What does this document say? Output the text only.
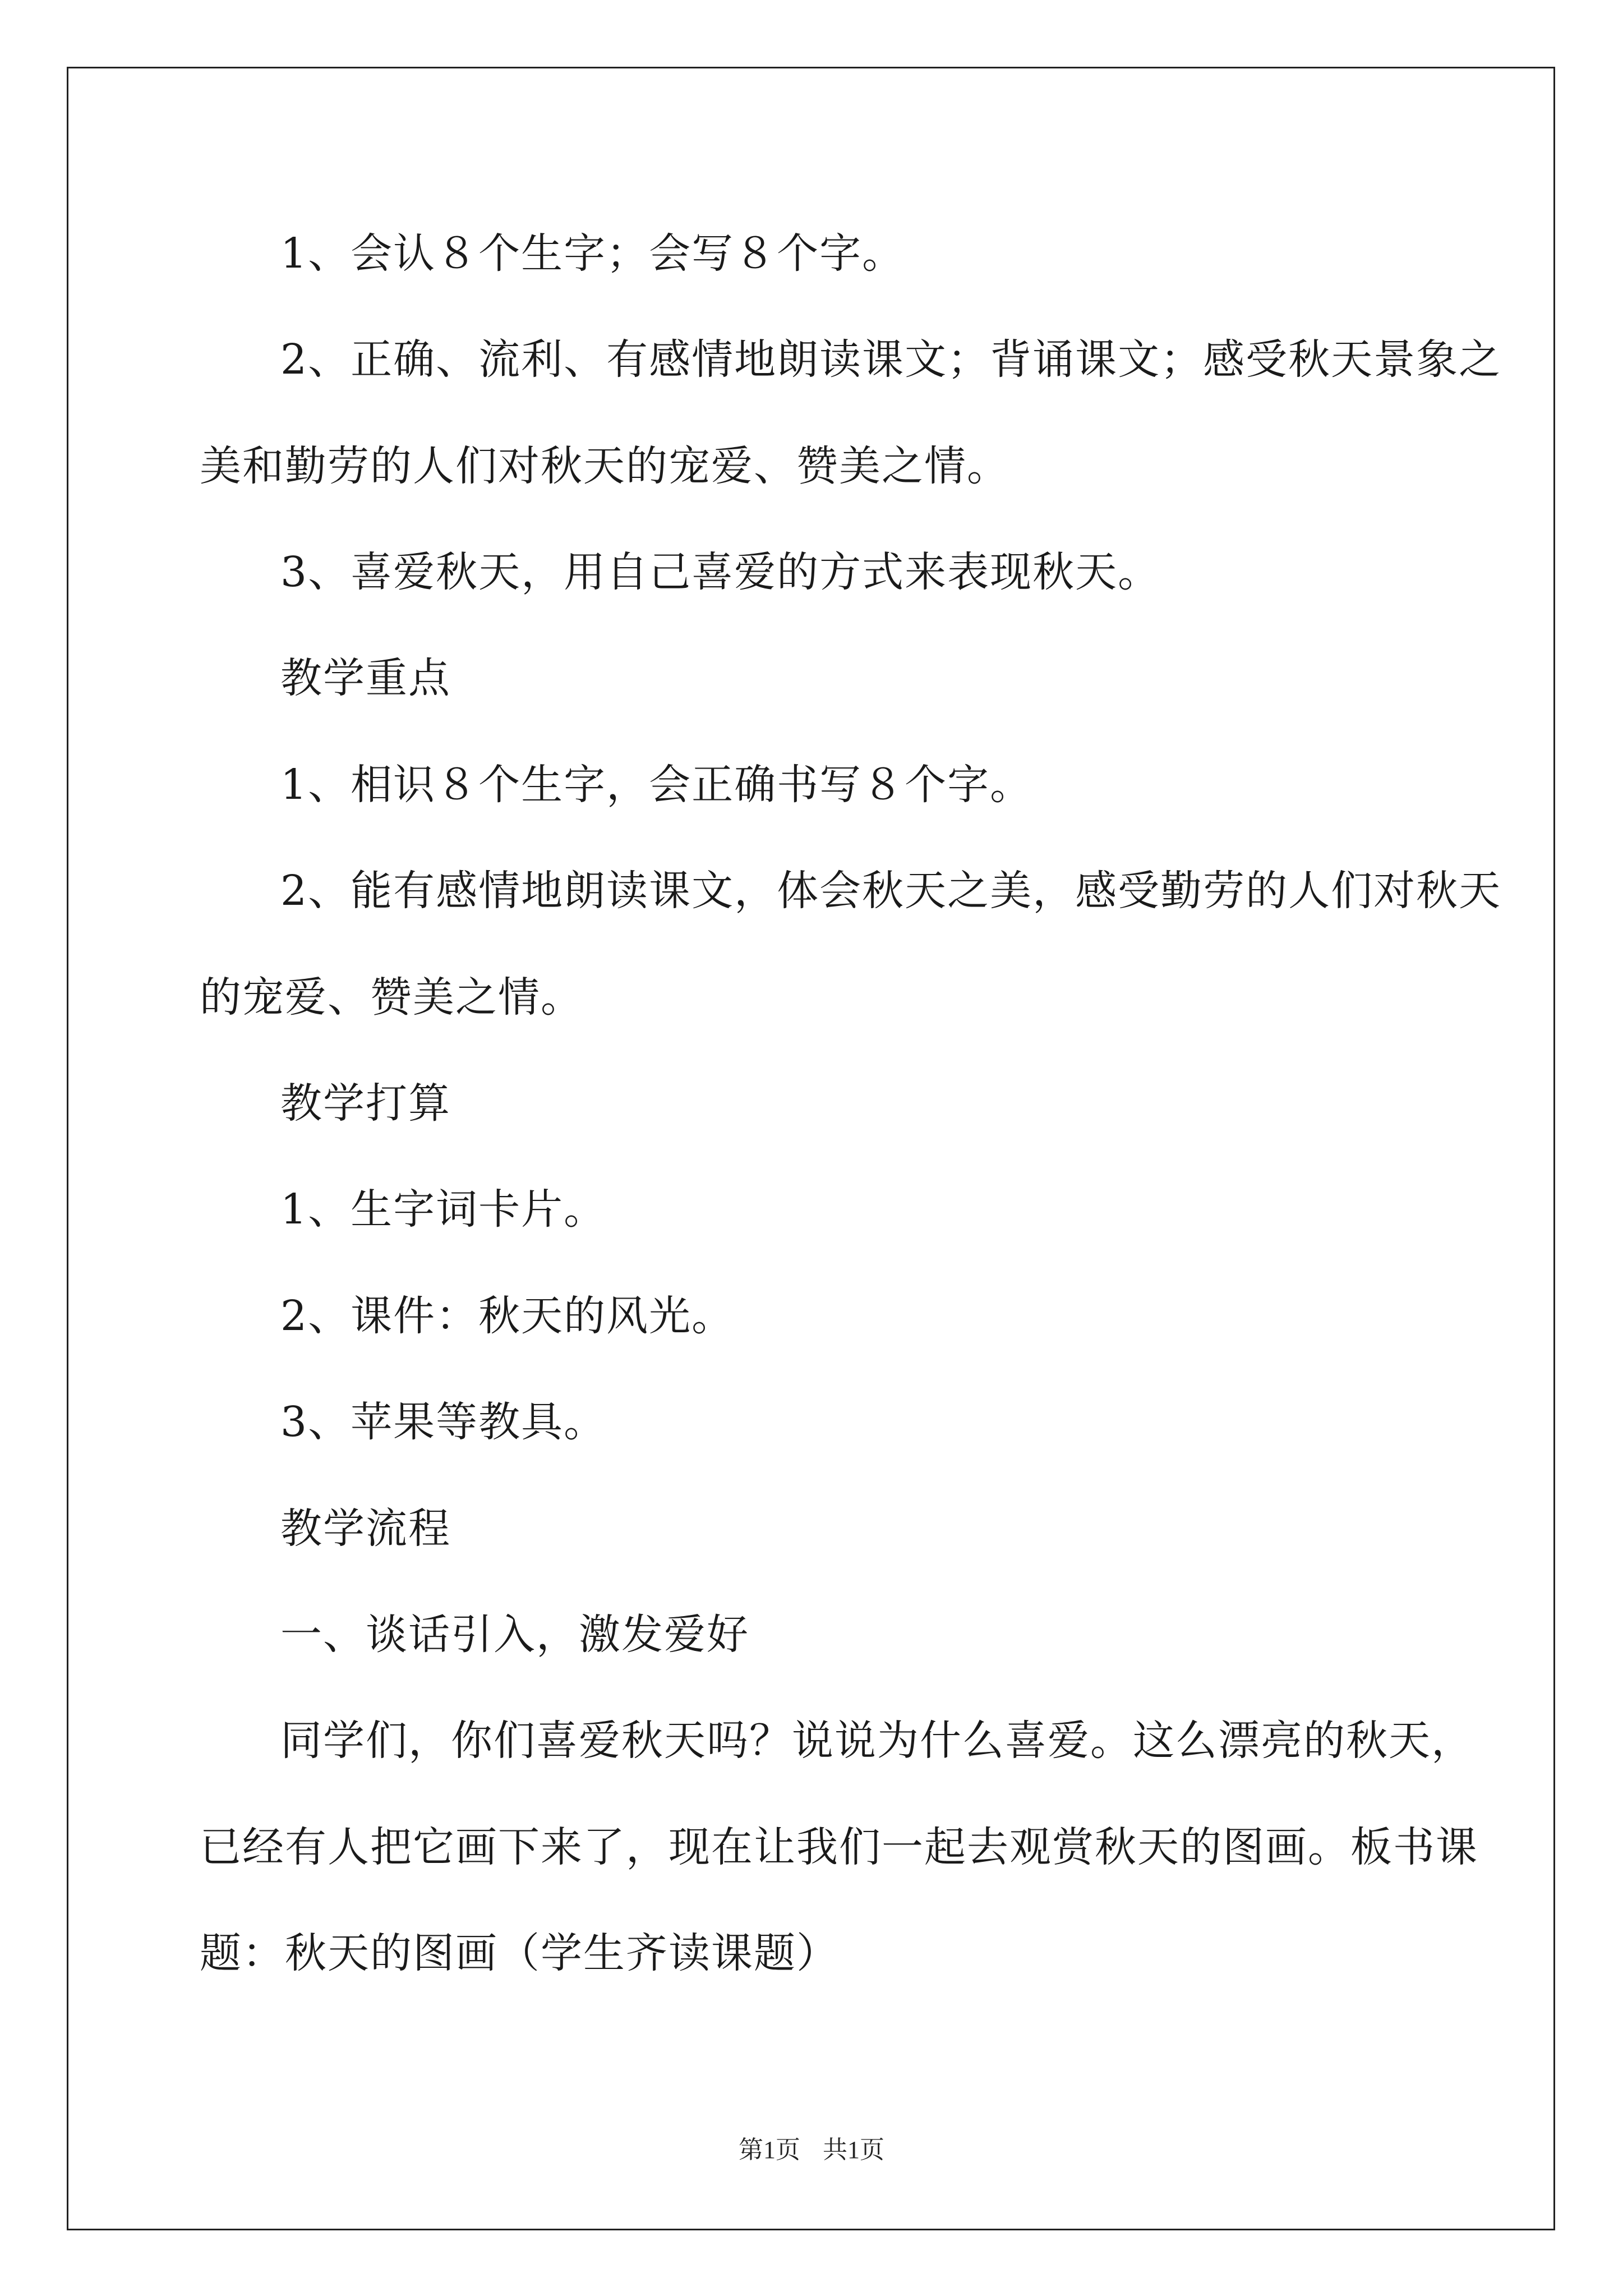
1、会认８个生字；会写８个字。
2、正确、流利、有感情地朗读课文；背诵课文；感受秋天景象之
美和勤劳的人们对秋天的宠爱、赞美之情。
3、喜爱秋天，用自己喜爱的方式来表现秋天。
教学重点
1、相识８个生字，会正确书写８个字。
2、能有感情地朗读课文，体会秋天之美，感受勤劳的人们对秋天
的宠爱、赞美之情。
教学打算
1、生字词卡片。
2、课件：秋天的风光。
3、苹果等教具。
教学流程
一、谈话引入，激发爱好
同学们，你们喜爱秋天吗？说说为什么喜爱。这么漂亮的秋天，
已经有人把它画下来了，现在让我们一起去观赏秋天的图画。板书课
题：秋天的图画（学生齐读课题）
第1页 共1页
